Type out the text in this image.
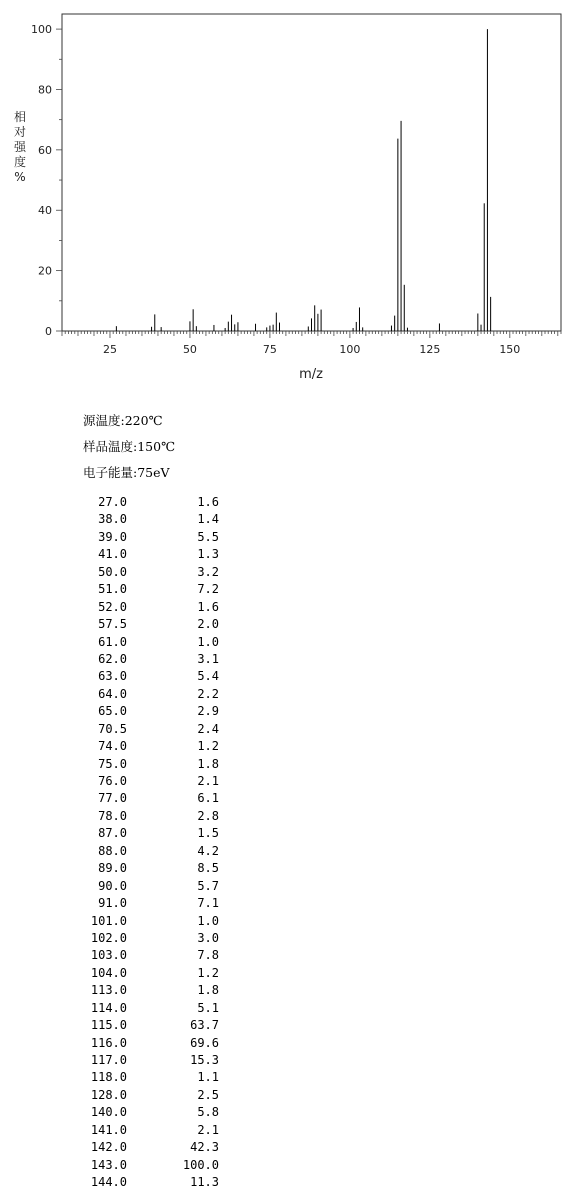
25	50	75	100	125	150
0
20
40
60
80
100
m/z
相
对
强
度
%
源温度:220℃
样品温度:150℃
电子能量:75eV
27.0	1.6
38.0	1.4
39.0	5.5
41.0	1.3
50.0	3.2
51.0	7.2
52.0	1.6
57.5	2.0
61.0	1.0
62.0	3.1
63.0	5.4
64.0	2.2
65.0	2.9
70.5	2.4
74.0	1.2
75.0	1.8
76.0	2.1
77.0	6.1
78.0	2.8
87.0	1.5
88.0	4.2
89.0	8.5
90.0	5.7
91.0	7.1
101.0	1.0
102.0	3.0
103.0	7.8
104.0	1.2
113.0	1.8
114.0	5.1
115.0	63.7
116.0	69.6
117.0	15.3
118.0	1.1
128.0	2.5
140.0	5.8
141.0	2.1
142.0	42.3
143.0	100.0
144.0	11.3
